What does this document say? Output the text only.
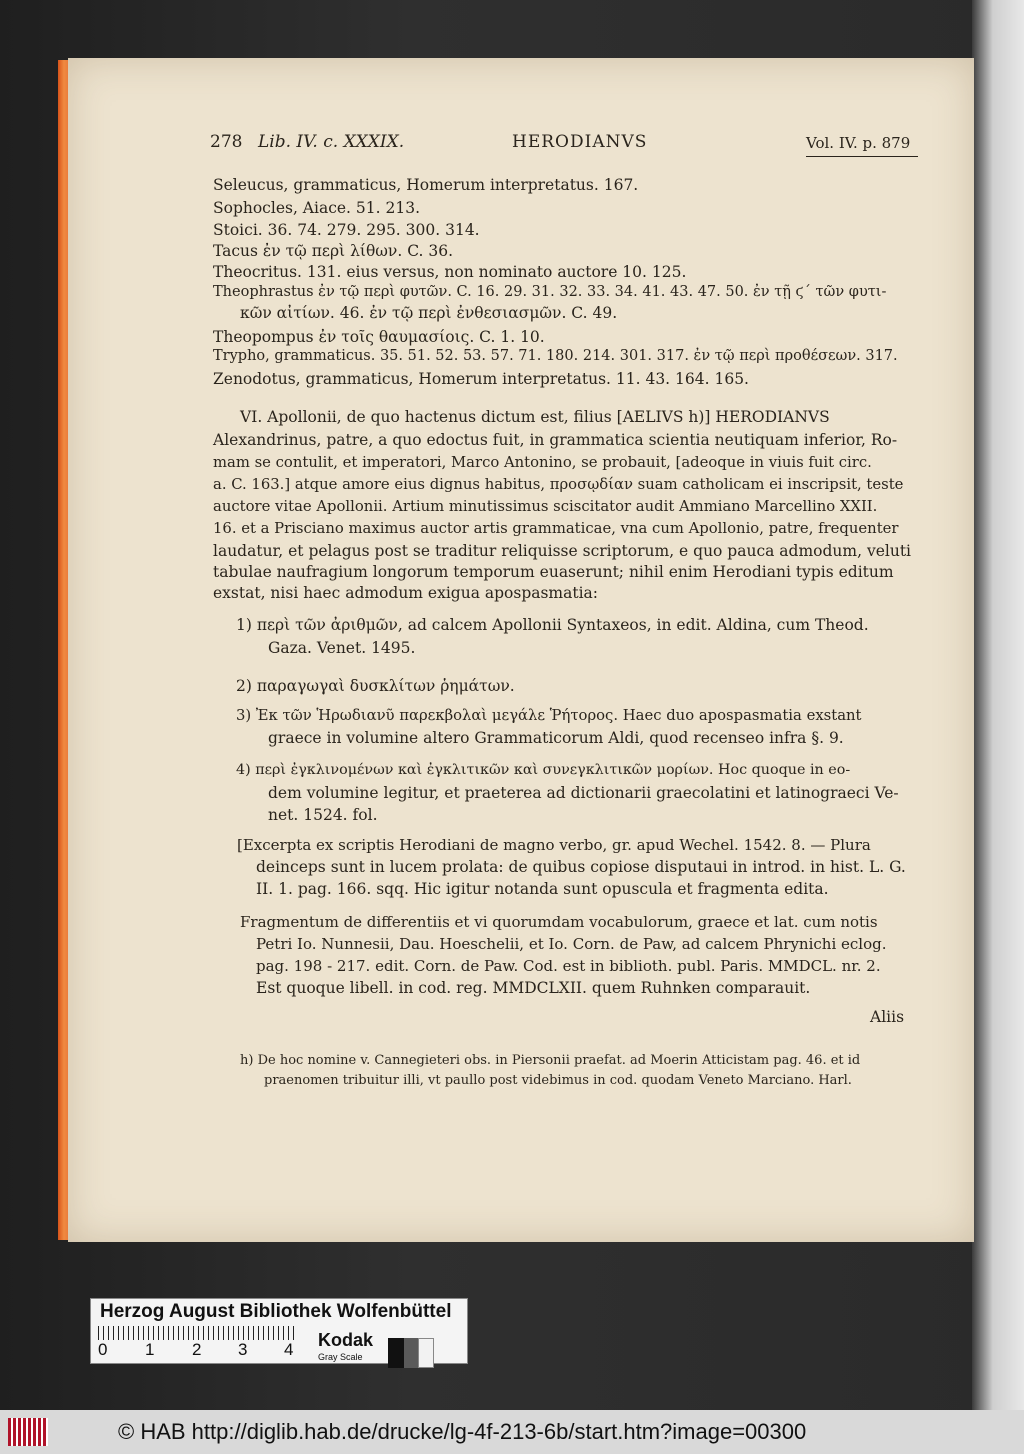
278 Lib. IV. c. XXXIX.	HERODIANVS	Vol. IV. p. 879
Seleucus, grammaticus, Homerum interpretatus. 167.
Sophocles, Aiace. 51. 213.
Stoici. 36. 74. 279. 295. 300. 314.
Tacus ἐν τῷ περὶ λίθων. C. 36.
Theocritus. 131. eius versus, non nominato auctore 10. 125.
Theophrastus ἐν τῷ περὶ φυτῶν. C. 16. 29. 31. 32. 33. 34. 41. 43. 47. 50. ἐν τῇ ϛ΄ τῶν φυτι-
κῶν αἰτίων. 46. ἐν τῷ περὶ ἐνθεσιασμῶν. C. 49.
Theopompus ἐν τοῖς θαυμασίοις. C. 1. 10.
Trypho, grammaticus. 35. 51. 52. 53. 57. 71. 180. 214. 301. 317. ἐν τῷ περὶ προθέσεων. 317.
Zenodotus, grammaticus, Homerum interpretatus. 11. 43. 164. 165.
VI. Apollonii, de quo hactenus dictum est, filius [AELIVS h)] HERODIANVS
Alexandrinus, patre, a quo edoctus fuit, in grammatica scientia neutiquam inferior, Ro-
mam se contulit, et imperatori, Marco Antonino, se probauit, [adeoque in viuis fuit circ.
a. C. 163.] atque amore eius dignus habitus, προσῳδίαν suam catholicam ei inscripsit, teste
auctore vitae Apollonii. Artium minutissimus sciscitator audit Ammiano Marcellino XXII.
16. et a Prisciano maximus auctor artis grammaticae, vna cum Apollonio, patre, frequenter
laudatur, et pelagus post se traditur reliquisse scriptorum, e quo pauca admodum, veluti
tabulae naufragium longorum temporum euaserunt; nihil enim Herodiani typis editum
exstat, nisi haec admodum exigua apospasmatia:
1) περὶ τῶν ἀριθμῶν, ad calcem Apollonii Syntaxeos, in edit. Aldina, cum Theod.
Gaza. Venet. 1495.
2) παραγωγαὶ δυσκλίτων ῥημάτων.
3) Ἐκ τῶν Ἡρωδιανῦ παρεκβολαὶ μεγάλε Ῥήτορος. Haec duo apospasmatia exstant
graece in volumine altero Grammaticorum Aldi, quod recenseo infra §. 9.
4) περὶ ἐγκλινομένων καὶ ἐγκλιτικῶν καὶ συνεγκλιτικῶν μορίων. Hoc quoque in eo-
dem volumine legitur, et praeterea ad dictionarii graecolatini et latinograeci Ve-
net. 1524. fol.
[Excerpta ex scriptis Herodiani de magno verbo, gr. apud Wechel. 1542. 8. — Plura
deinceps sunt in lucem prolata: de quibus copiose disputaui in introd. in hist. L. G.
II. 1. pag. 166. sqq. Hic igitur notanda sunt opuscula et fragmenta edita.
Fragmentum de differentiis et vi quorumdam vocabulorum, graece et lat. cum notis
Petri Io. Nunnesii, Dau. Hoeschelii, et Io. Corn. de Paw, ad calcem Phrynichi eclog.
pag. 198 - 217. edit. Corn. de Paw. Cod. est in biblioth. publ. Paris. MMDCL. nr. 2.
Est quoque libell. in cod. reg. MMDCLXII. quem Ruhnken comparauit.
Aliis
h) De hoc nomine v. Cannegieteri obs. in Piersonii praefat. ad Moerin Atticistam pag. 46. et id
praenomen tribuitur illi, vt paullo post videbimus in cod. quodam Veneto Marciano. Harl.
Herzog August Bibliothek Wolfenbüttel
0 1 2 3 4 Kodak
Gray Scale
© HAB http://diglib.hab.de/drucke/lg-4f-213-6b/start.htm?image=00300
